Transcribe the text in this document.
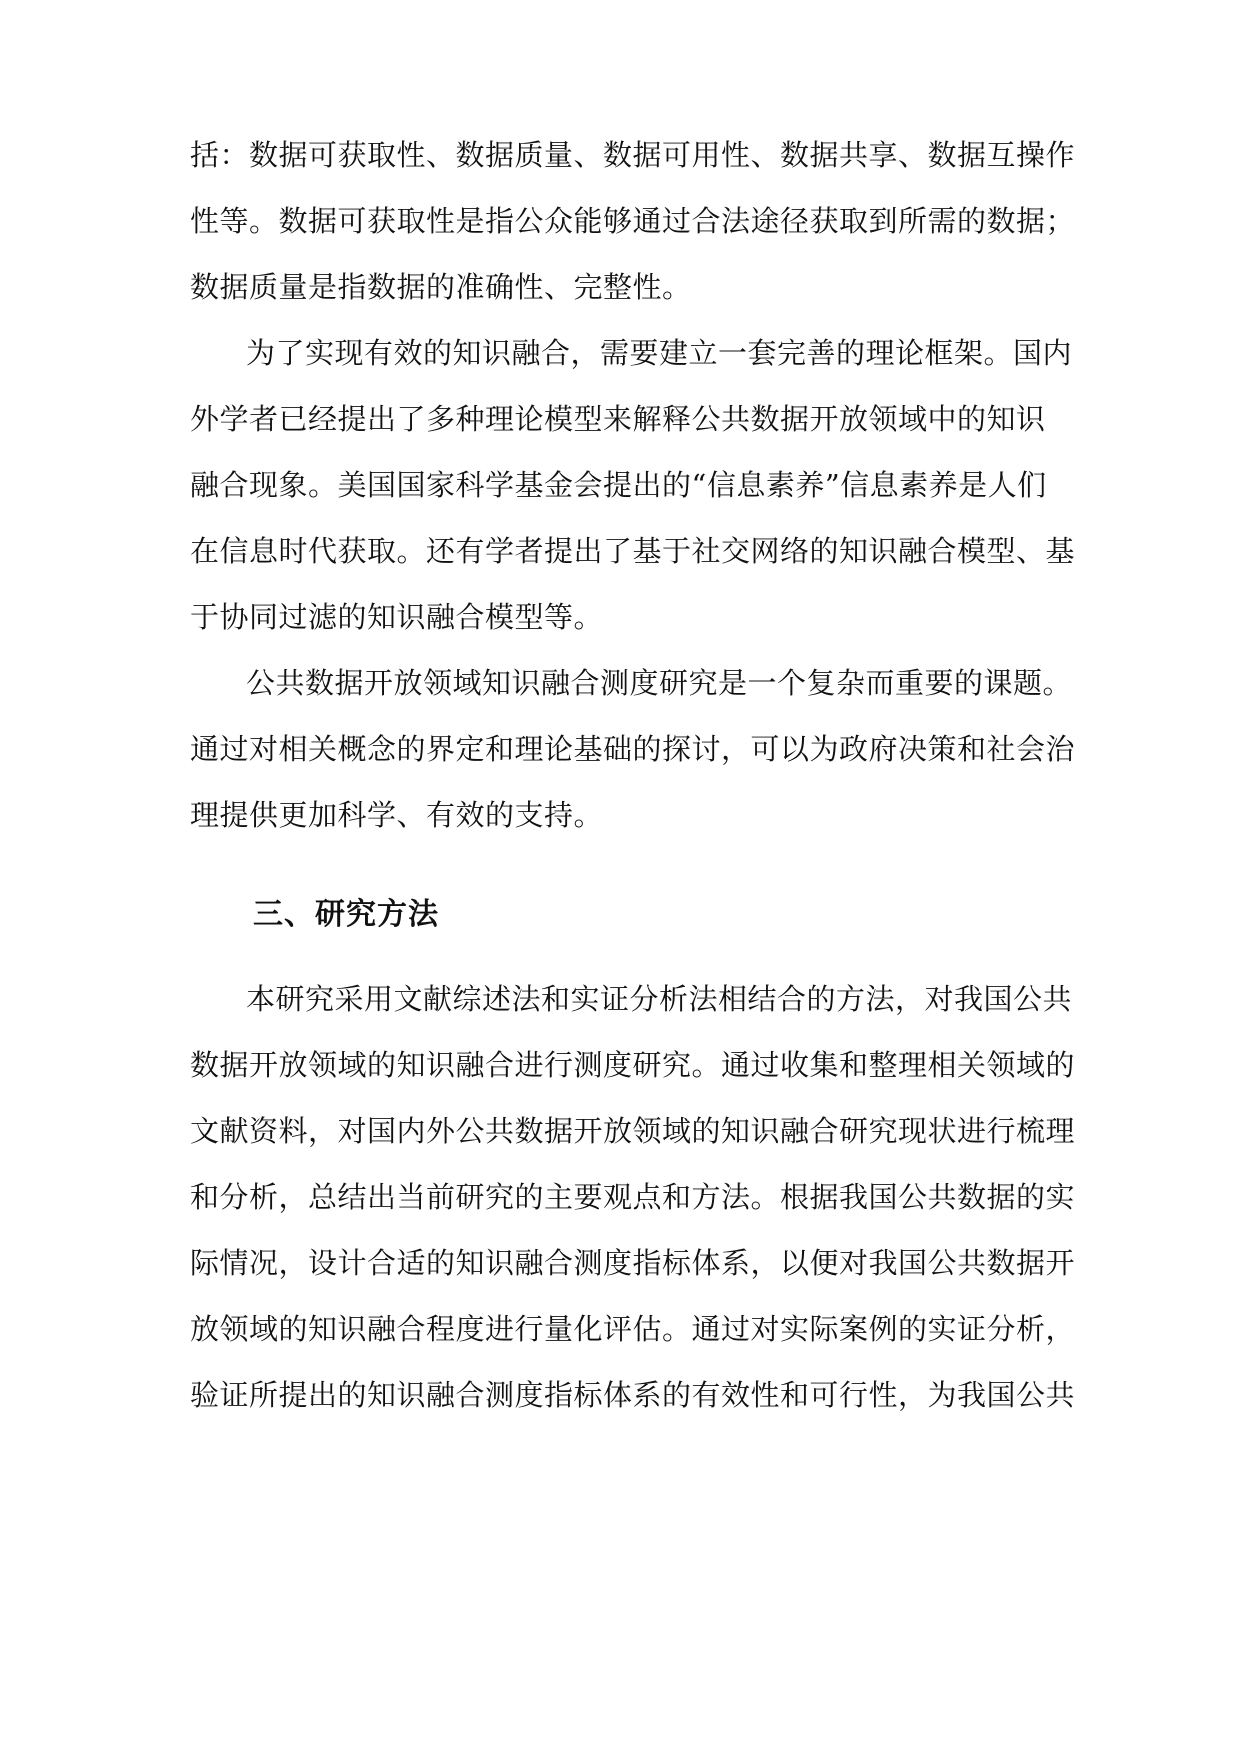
括：数据可获取性、数据质量、数据可用性、数据共享、数据互操作
性等。数据可获取性是指公众能够通过合法途径获取到所需的数据；
数据质量是指数据的准确性、完整性。
为了实现有效的知识融合，需要建立一套完善的理论框架。国内
外学者已经提出了多种理论模型来解释公共数据开放领域中的知识
融合现象。美国国家科学基金会提出的“信息素养”信息素养是人们
在信息时代获取。还有学者提出了基于社交网络的知识融合模型、基
于协同过滤的知识融合模型等。
公共数据开放领域知识融合测度研究是一个复杂而重要的课题。
通过对相关概念的界定和理论基础的探讨，可以为政府决策和社会治
理提供更加科学、有效的支持。
三、研究方法
本研究采用文献综述法和实证分析法相结合的方法，对我国公共
数据开放领域的知识融合进行测度研究。通过收集和整理相关领域的
文献资料，对国内外公共数据开放领域的知识融合研究现状进行梳理
和分析，总结出当前研究的主要观点和方法。根据我国公共数据的实
际情况，设计合适的知识融合测度指标体系，以便对我国公共数据开
放领域的知识融合程度进行量化评估。通过对实际案例的实证分析，
验证所提出的知识融合测度指标体系的有效性和可行性，为我国公共
